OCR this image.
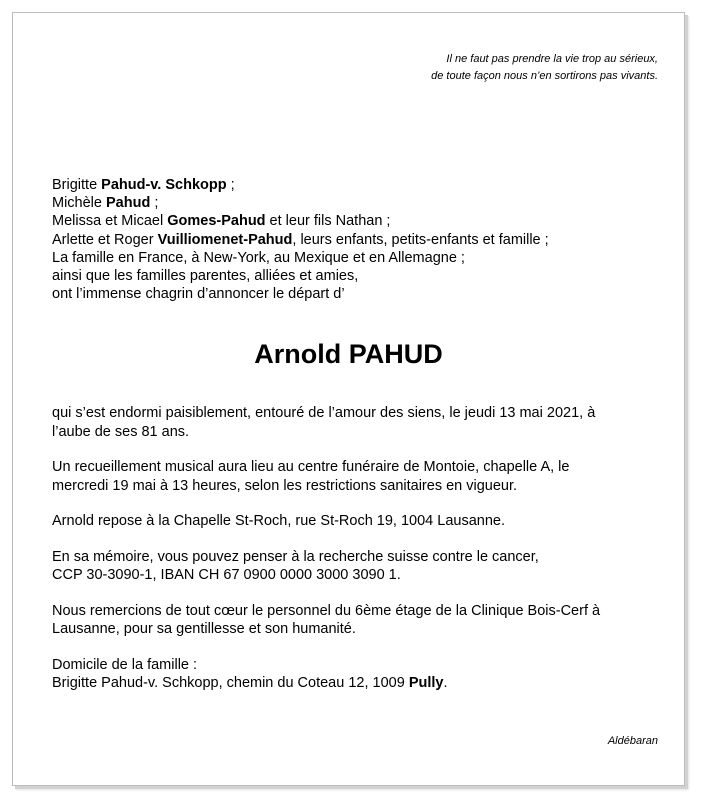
Il ne faut pas prendre la vie trop au sérieux,
de toute façon nous n’en sortirons pas vivants.
Brigitte Pahud-v. Schkopp ;
Michèle Pahud ;
Melissa et Micael Gomes-Pahud et leur fils Nathan ;
Arlette et Roger Vuilliomenet-Pahud, leurs enfants, petits-enfants et famille ;
La famille en France, à New-York, au Mexique et en Allemagne ;
ainsi que les familles parentes, alliées et amies,
ont l’immense chagrin d’annoncer le départ d’
Arnold PAHUD

qui s’est endormi paisiblement, entouré de l’amour des siens, le jeudi 13 mai 2021, à
l’aube de ses 81 ans.

Un recueillement musical aura lieu au centre funéraire de Montoie, chapelle A, le
mercredi 19 mai à 13 heures, selon les restrictions sanitaires en vigueur.

Arnold repose à la Chapelle St-Roch, rue St-Roch 19, 1004 Lausanne.

En sa mémoire, vous pouvez penser à la recherche suisse contre le cancer,
CCP 30-3090-1, IBAN CH 67 0900 0000 3000 3090 1.

Nous remercions de tout cœur le personnel du 6ème étage de la Clinique Bois-Cerf à
Lausanne, pour sa gentillesse et son humanité.

Domicile de la famille :
Brigitte Pahud-v. Schkopp, chemin du Coteau 12, 1009 Pully.

Aldébaran
